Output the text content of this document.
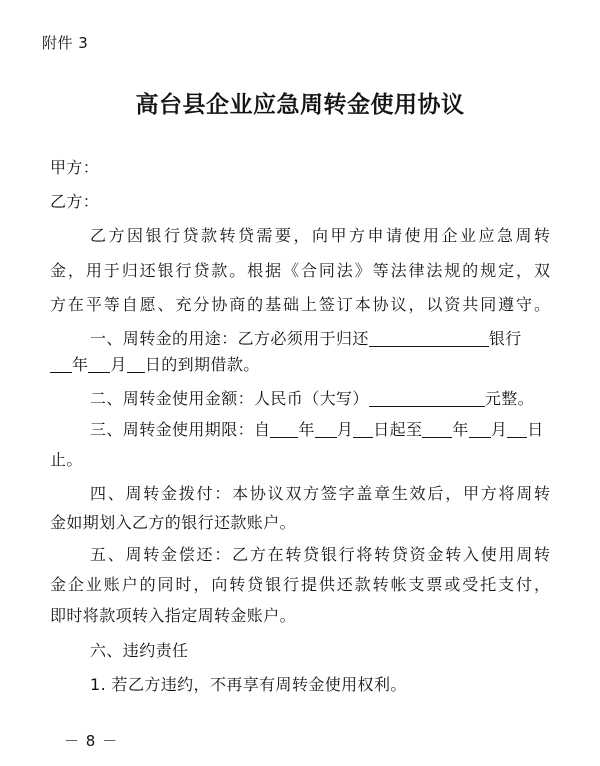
附件 3
高台县企业应急周转金使用协议
甲方：
乙方：
乙方因银行贷款转贷需要，向甲方申请使用企业应急周转
金，用于归还银行贷款。根据《合同法》等法律法规的规定，双
方在平等自愿、充分协商的基础上签订本协议，以资共同遵守。
一、周转金的用途：乙方必须用于归还	银行
年 月 日的到期借款。
二、周转金使用金额：人民币（大写）	元整。
三、周转金使用期限：自 年 月 日起至 年 月 日
止。
四、周转金拨付：本协议双方签字盖章生效后，甲方将周转
金如期划入乙方的银行还款账户。
五、周转金偿还：乙方在转贷银行将转贷资金转入使用周转
金企业账户的同时，向转贷银行提供还款转帐支票或受托支付，
即时将款项转入指定周转金账户。
六、违约责任
1. 若乙方违约，不再享有周转金使用权利。
－ 8 －
